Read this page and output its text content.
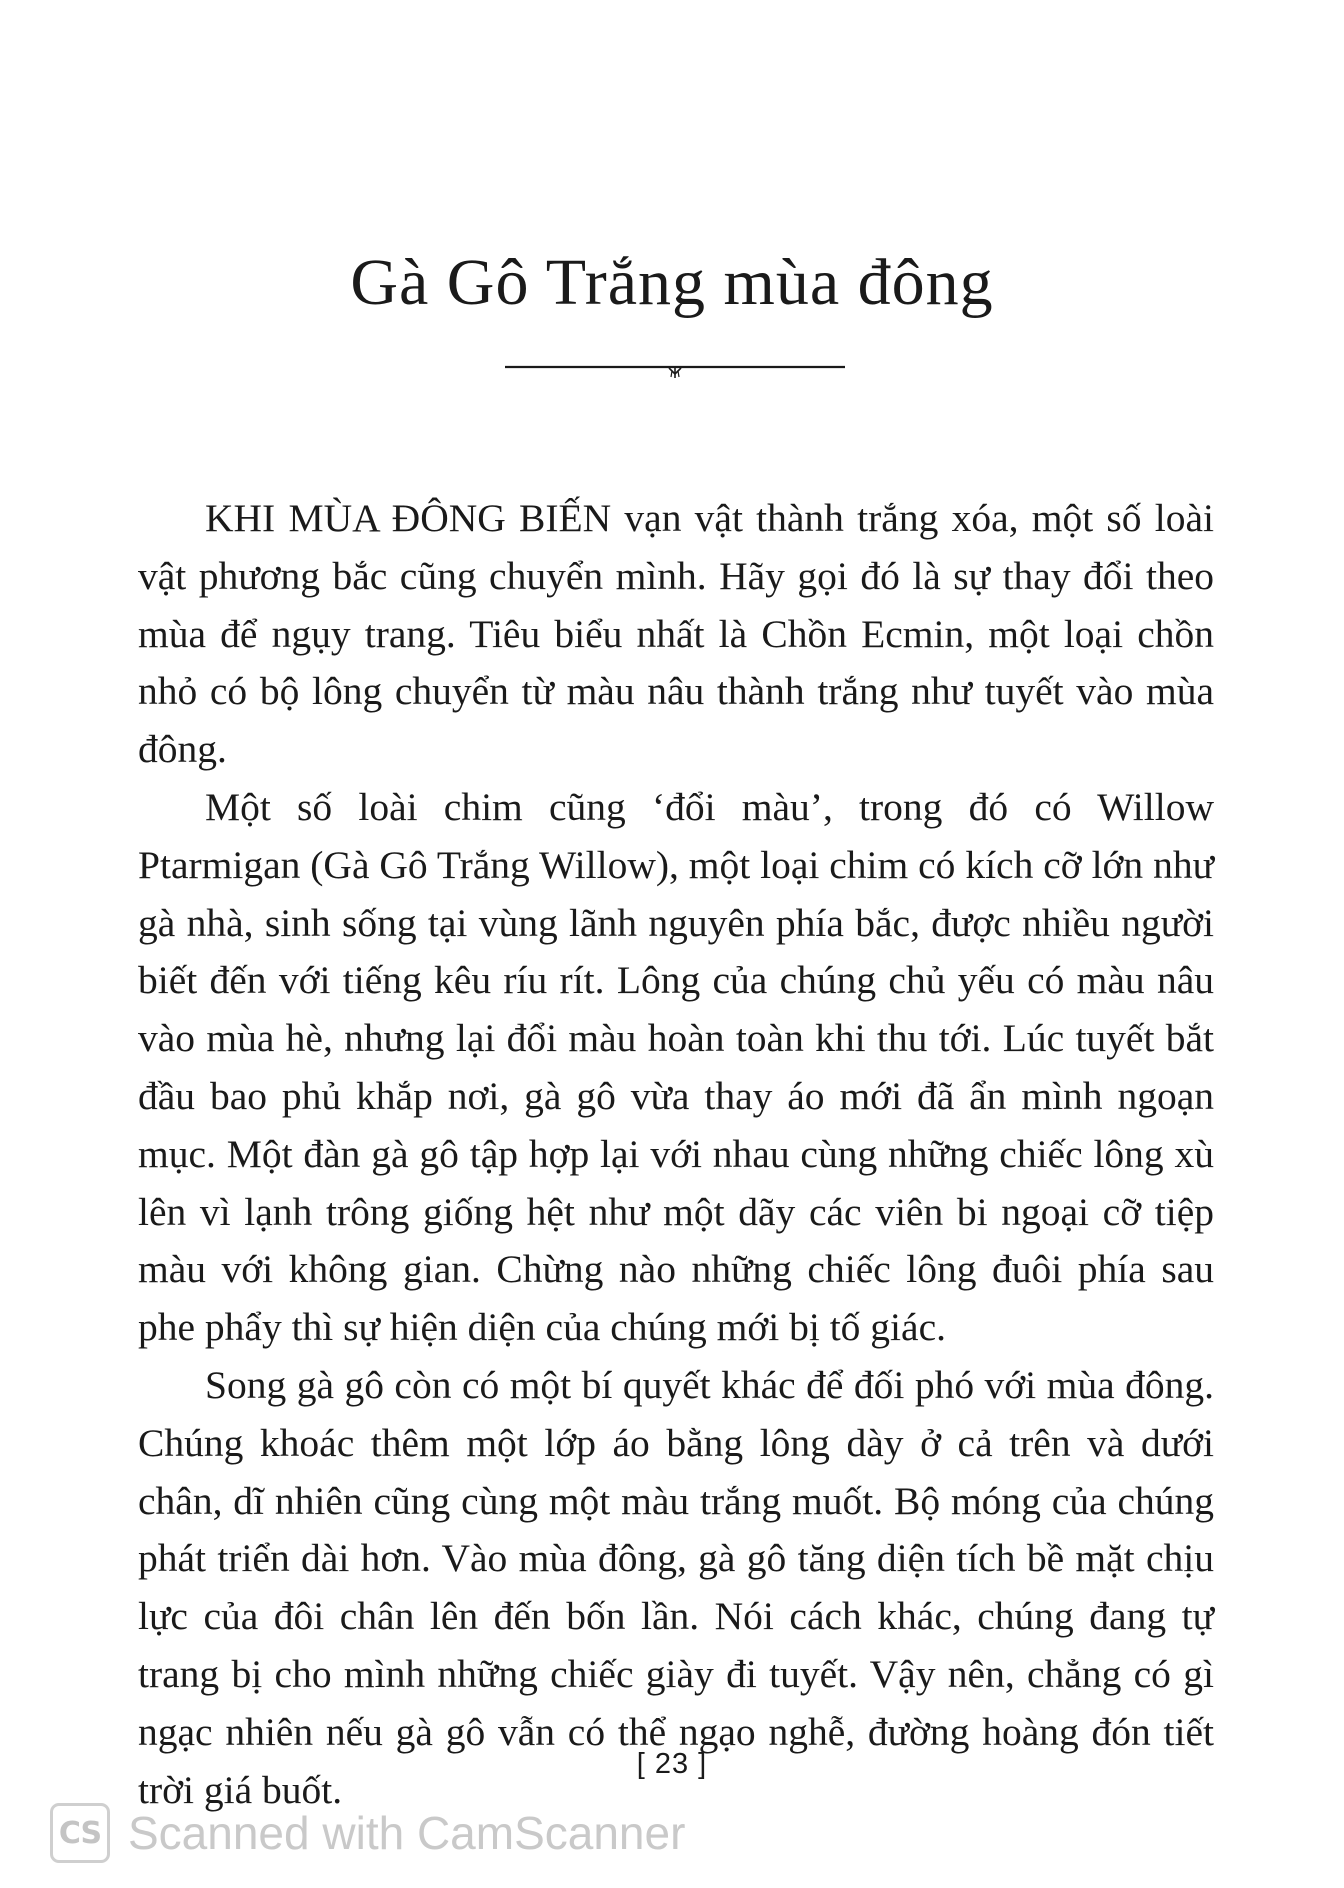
Gà Gô Trắng mùa đông

KHI MÙA ĐÔNG BIẾN vạn vật thành trắng xóa, một số loài vật phương bắc cũng chuyển mình. Hãy gọi đó là sự thay đổi theo mùa để ngụy trang. Tiêu biểu nhất là Chồn Ecmin, một loại chồn nhỏ có bộ lông chuyển từ màu nâu thành trắng như tuyết vào mùa đông.

Một số loài chim cũng ‘đổi màu’, trong đó có Willow Ptarmigan (Gà Gô Trắng Willow), một loại chim có kích cỡ lớn như gà nhà, sinh sống tại vùng lãnh nguyên phía bắc, được nhiều người biết đến với tiếng kêu ríu rít. Lông của chúng chủ yếu có màu nâu vào mùa hè, nhưng lại đổi màu hoàn toàn khi thu tới. Lúc tuyết bắt đầu bao phủ khắp nơi, gà gô vừa thay áo mới đã ẩn mình ngoạn mục. Một đàn gà gô tập hợp lại với nhau cùng những chiếc lông xù lên vì lạnh trông giống hệt như một dãy các viên bi ngoại cỡ tiệp màu với không gian. Chừng nào những chiếc lông đuôi phía sau phe phẩy thì sự hiện diện của chúng mới bị tố giác.

Song gà gô còn có một bí quyết khác để đối phó với mùa đông. Chúng khoác thêm một lớp áo bằng lông dày ở cả trên và dưới chân, dĩ nhiên cũng cùng một màu trắng muốt. Bộ móng của chúng phát triển dài hơn. Vào mùa đông, gà gô tăng diện tích bề mặt chịu lực của đôi chân lên đến bốn lần. Nói cách khác, chúng đang tự trang bị cho mình những chiếc giày đi tuyết. Vậy nên, chẳng có gì ngạc nhiên nếu gà gô vẫn có thể ngạo nghễ, đường hoàng đón tiết trời giá buốt.

[ 23 ]
CS Scanned with CamScanner
